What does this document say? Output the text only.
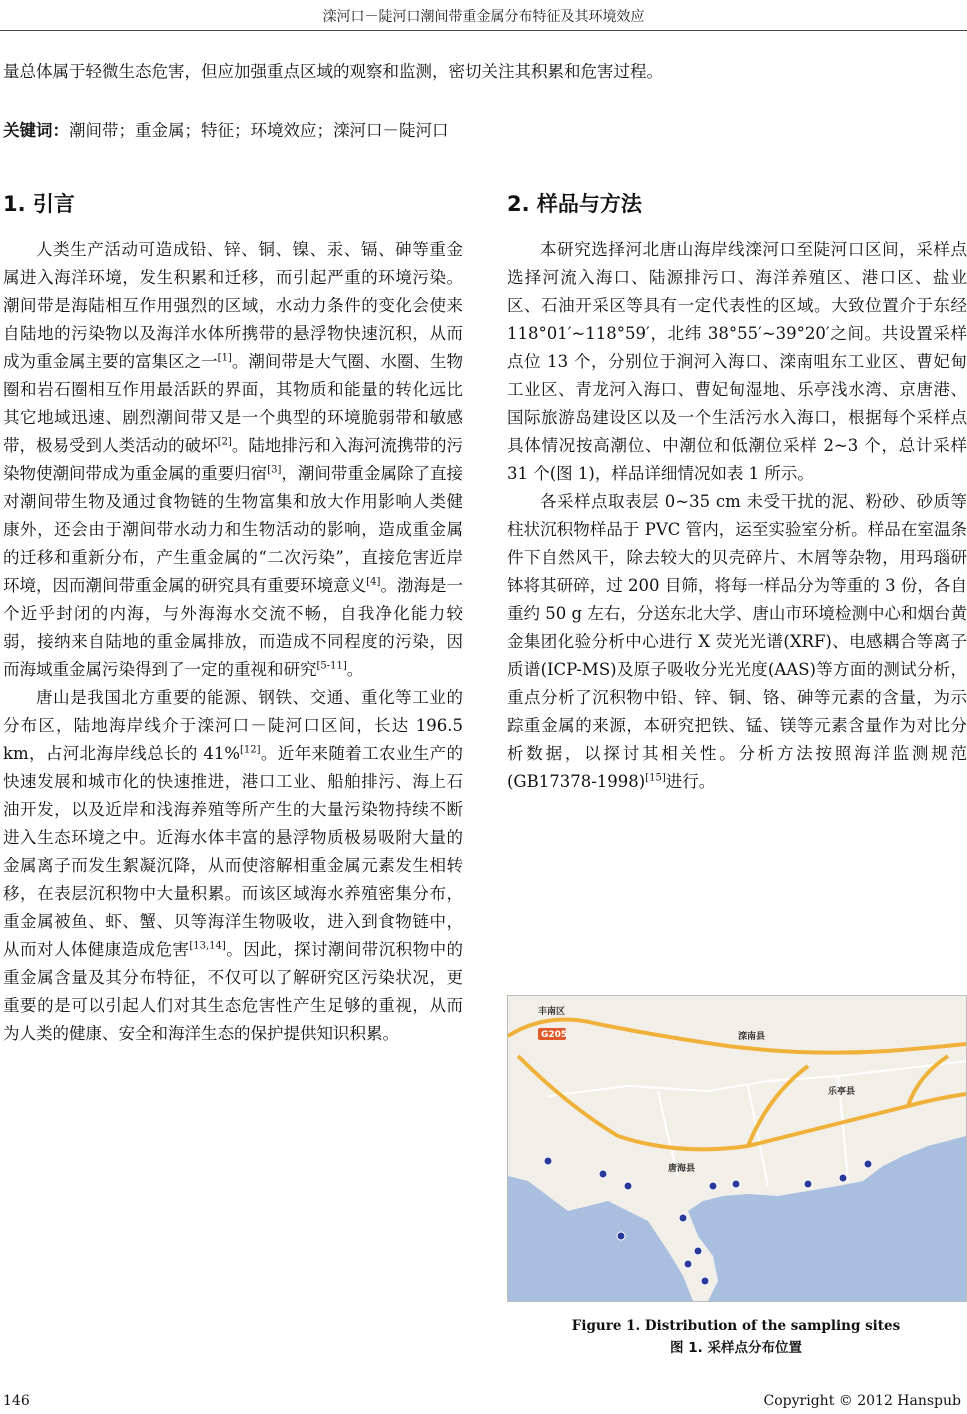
滦河口－陡河口潮间带重金属分布特征及其环境效应
量总体属于轻微生态危害，但应加强重点区域的观察和监测，密切关注其积累和危害过程。
关键词：潮间带；重金属；特征；环境效应；滦河口－陡河口
1. 引言

人类生产活动可造成铅、锌、铜、镍、汞、镉、砷等重金属进入海洋环境，发生积累和迁移，而引起严重的环境污染。潮间带是海陆相互作用强烈的区域，水动力条件的变化会使来自陆地的污染物以及海洋水体所携带的悬浮物快速沉积，从而成为重金属主要的富集区之一[1]。潮间带是大气圈、水圈、生物圈和岩石圈相互作用最活跃的界面，其物质和能量的转化远比其它地域迅速、剧烈潮间带又是一个典型的环境脆弱带和敏感带，极易受到人类活动的破坏[2]。陆地排污和入海河流携带的污染物使潮间带成为重金属的重要归宿[3]，潮间带重金属除了直接对潮间带生物及通过食物链的生物富集和放大作用影响人类健康外，还会由于潮间带水动力和生物活动的影响，造成重金属的迁移和重新分布，产生重金属的“二次污染”，直接危害近岸环境，因而潮间带重金属的研究具有重要环境意义[4]。渤海是一个近乎封闭的内海，与外海海水交流不畅，自我净化能力较弱，接纳来自陆地的重金属排放，而造成不同程度的污染，因而海域重金属污染得到了一定的重视和研究[5-11]。

唐山是我国北方重要的能源、钢铁、交通、重化等工业的分布区，陆地海岸线介于滦河口－陡河口区间，长达 196.5 km，占河北海岸线总长的 41%[12]。近年来随着工农业生产的快速发展和城市化的快速推进，港口工业、船舶排污、海上石油开发，以及近岸和浅海养殖等所产生的大量污染物持续不断进入生态环境之中。近海水体丰富的悬浮物质极易吸附大量的金属离子而发生絮凝沉降，从而使溶解相重金属元素发生相转移，在表层沉积物中大量积累。而该区域海水养殖密集分布，重金属被鱼、虾、蟹、贝等海洋生物吸收，进入到食物链中，从而对人体健康造成危害[13,14]。因此，探讨潮间带沉积物中的重金属含量及其分布特征，不仅可以了解研究区污染状况，更重要的是可以引起人们对其生态危害性产生足够的重视，从而为人类的健康、安全和海洋生态的保护提供知识积累。

2. 样品与方法

本研究选择河北唐山海岸线滦河口至陡河口区间，采样点选择河流入海口、陆源排污口、海洋养殖区、港口区、盐业区、石油开采区等具有一定代表性的区域。大致位置介于东经 118°01′~118°59′，北纬 38°55′~39°20′之间。共设置采样点位 13 个，分别位于涧河入海口、滦南咀东工业区、曹妃甸工业区、青龙河入海口、曹妃甸湿地、乐亭浅水湾、京唐港、国际旅游岛建设区以及一个生活污水入海口，根据每个采样点具体情况按高潮位、中潮位和低潮位采样 2~3 个，总计采样 31 个(图 1)，样品详细情况如表 1 所示。

各采样点取表层 0~35 cm 未受干扰的泥、粉砂、砂质等柱状沉积物样品于 PVC 管内，运至实验室分析。样品在室温条件下自然风干，除去较大的贝壳碎片、木屑等杂物，用玛瑙研钵将其研碎，过 200 目筛，将每一样品分为等重的 3 份，各自重约 50 g 左右，分送东北大学、唐山市环境检测中心和烟台黄金集团化验分析中心进行 X 荧光光谱(XRF)、电感耦合等离子质谱(ICP-MS)及原子吸收分光光度(AAS)等方面的测试分析，重点分析了沉积物中铅、锌、铜、铬、砷等元素的含量，为示踪重金属的来源，本研究把铁、锰、镁等元素含量作为对比分析数据，以探讨其相关性。分析方法按照海洋监测规范(GB17378-1998)[15]进行。

G205
丰南区
滦南县
乐亭县
唐海县
Figure 1. Distribution of the sampling sites
图 1. 采样点分布位置
146	Copyright © 2012 Hanspub
